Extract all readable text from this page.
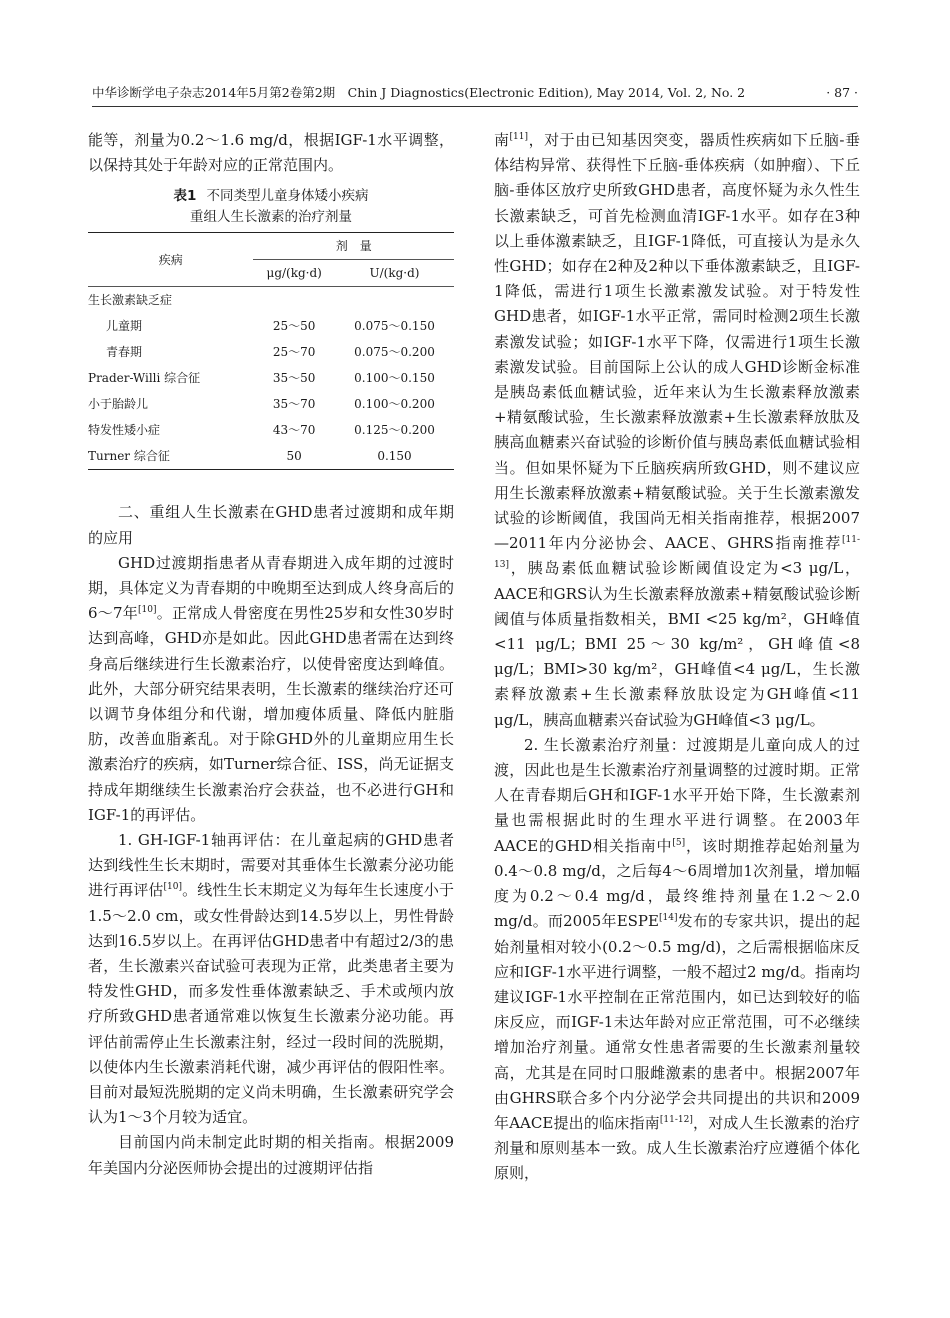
中华诊断学电子杂志2014年5月第2卷第2期　Chin J Diagnostics(Electronic Edition), May 2014, Vol. 2, No. 2	· 87 ·

能等，剂量为0.2～1.6 mg/d，根据IGF-1水平调整，以保持其处于年龄对应的正常范围内。

表1 不同类型儿童身体矮小疾病
重组人生长激素的治疗剂量
疾病	剂　量	
	μg/(kg·d)	U/(kg·d)
生长激素缺乏症		
儿童期	25～50	0.075～0.150
青春期	25～70	0.075～0.200
Prader-Willi 综合征	35～50	0.100～0.150
小于胎龄儿	35～70	0.100～0.200
特发性矮小症	43～70	0.125～0.200
Turner 综合征	50	0.150

二、重组人生长激素在GHD患者过渡期和成年期的应用

GHD过渡期指患者从青春期进入成年期的过渡时期，具体定义为青春期的中晚期至达到成人终身高后的6～7年[10]。正常成人骨密度在男性25岁和女性30岁时达到高峰，GHD亦是如此。因此GHD患者需在达到终身高后继续进行生长激素治疗，以使骨密度达到峰值。此外，大部分研究结果表明，生长激素的继续治疗还可以调节身体组分和代谢，增加瘦体质量、降低内脏脂肪，改善血脂紊乱。对于除GHD外的儿童期应用生长激素治疗的疾病，如Turner综合征、ISS，尚无证据支持成年期继续生长激素治疗会获益，也不必进行GH和IGF-1的再评估。

1. GH-IGF-1轴再评估：在儿童起病的GHD患者达到线性生长末期时，需要对其垂体生长激素分泌功能进行再评估[10]。线性生长末期定义为每年生长速度小于1.5～2.0 cm，或女性骨龄达到14.5岁以上，男性骨龄达到16.5岁以上。在再评估GHD患者中有超过2/3的患者，生长激素兴奋试验可表现为正常，此类患者主要为特发性GHD，而多发性垂体激素缺乏、手术或颅内放疗所致GHD患者通常难以恢复生长激素分泌功能。再评估前需停止生长激素注射，经过一段时间的洗脱期，以使体内生长激素消耗代谢，减少再评估的假阳性率。目前对最短洗脱期的定义尚未明确，生长激素研究学会认为1～3个月较为适宜。

目前国内尚未制定此时期的相关指南。根据2009年美国内分泌医师协会提出的过渡期评估指

南[11]，对于由已知基因突变，器质性疾病如下丘脑-垂体结构异常、获得性下丘脑-垂体疾病（如肿瘤）、下丘脑-垂体区放疗史所致GHD患者，高度怀疑为永久性生长激素缺乏，可首先检测血清IGF-1水平。如存在3种以上垂体激素缺乏，且IGF-1降低，可直接认为是永久性GHD；如存在2种及2种以下垂体激素缺乏，且IGF-1降低，需进行1项生长激素激发试验。对于特发性GHD患者，如IGF-1水平正常，需同时检测2项生长激素激发试验；如IGF-1水平下降，仅需进行1项生长激素激发试验。目前国际上公认的成人GHD诊断金标准是胰岛素低血糖试验，近年来认为生长激素释放激素+精氨酸试验，生长激素释放激素+生长激素释放肽及胰高血糖素兴奋试验的诊断价值与胰岛素低血糖试验相当。但如果怀疑为下丘脑疾病所致GHD，则不建议应用生长激素释放激素+精氨酸试验。关于生长激素激发试验的诊断阈值，我国尚无相关指南推荐，根据2007—2011年内分泌协会、AACE、GHRS指南推荐[11-13]，胰岛素低血糖试验诊断阈值设定为<3 μg/L，AACE和GRS认为生长激素释放激素+精氨酸试验诊断阈值与体质量指数相关，BMI <25 kg/m²，GH峰值<11 μg/L；BMI 25～30 kg/m²，GH峰值<8 μg/L；BMI>30 kg/m²，GH峰值<4 μg/L，生长激素释放激素+生长激素释放肽设定为GH峰值<11 μg/L，胰高血糖素兴奋试验为GH峰值<3 μg/L。

2. 生长激素治疗剂量：过渡期是儿童向成人的过渡，因此也是生长激素治疗剂量调整的过渡时期。正常人在青春期后GH和IGF-1水平开始下降，生长激素剂量也需根据此时的生理水平进行调整。在2003年AACE的GHD相关指南中[5]，该时期推荐起始剂量为0.4～0.8 mg/d，之后每4～6周增加1次剂量，增加幅度为0.2～0.4 mg/d，最终维持剂量在1.2～2.0 mg/d。而2005年ESPE[14]发布的专家共识，提出的起始剂量相对较小(0.2～0.5 mg/d)，之后需根据临床反应和IGF-1水平进行调整，一般不超过2 mg/d。指南均建议IGF-1水平控制在正常范围内，如已达到较好的临床反应，而IGF-1未达年龄对应正常范围，可不必继续增加治疗剂量。通常女性患者需要的生长激素剂量较高，尤其是在同时口服雌激素的患者中。根据2007年由GHRS联合多个内分泌学会共同提出的共识和2009年AACE提出的临床指南[11-12]，对成人生长激素的治疗剂量和原则基本一致。成人生长激素治疗应遵循个体化原则，
